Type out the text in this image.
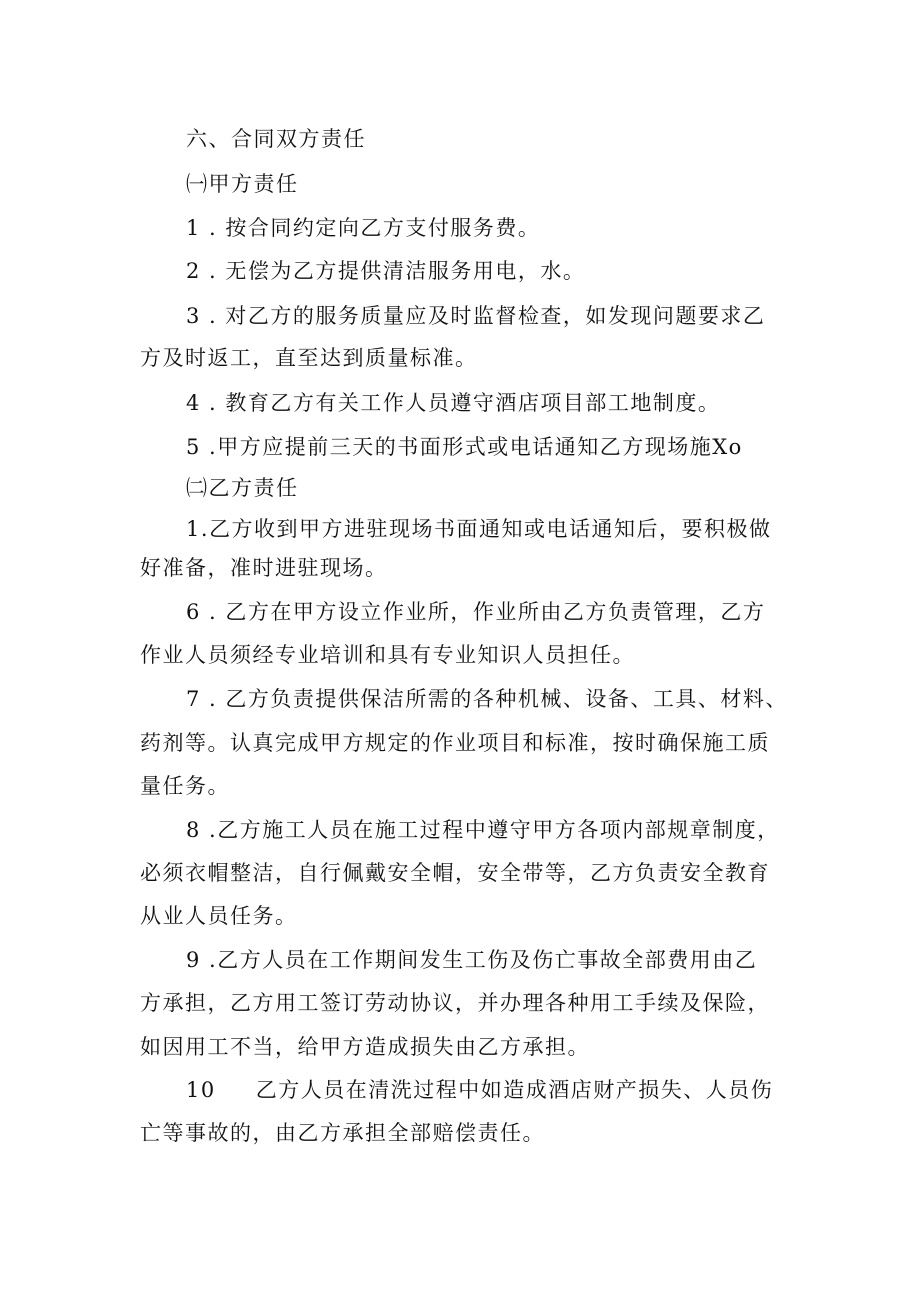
六、合同双方责任
㈠甲方责任
1 . 按合同约定向乙方支付服务费。
2 . 无偿为乙方提供清洁服务用电，水。
3 . 对乙方的服务质量应及时监督检查，如发现问题要求乙
方及时返工，直至达到质量标准。
4 . 教育乙方有关工作人员遵守酒店项目部工地制度。
5 .甲方应提前三天的书面形式或电话通知乙方现场施Xo
㈡乙方责任
1.乙方收到甲方进驻现场书面通知或电话通知后，要积极做
好准备，准时进驻现场。
6 . 乙方在甲方设立作业所，作业所由乙方负责管理，乙方
作业人员须经专业培训和具有专业知识人员担任。
7 . 乙方负责提供保洁所需的各种机械、设备、工具、材料、
药剂等。认真完成甲方规定的作业项目和标准，按时确保施工质
量任务。
8 .乙方施工人员在施工过程中遵守甲方各项内部规章制度，
必须衣帽整洁，自行佩戴安全帽，安全带等，乙方负责安全教育
从业人员任务。
9 .乙方人员在工作期间发生工伤及伤亡事故全部费用由乙
方承担，乙方用工签订劳动协议，并办理各种用工手续及保险，
如因用工不当，给甲方造成损失由乙方承担。
10 乙方人员在清洗过程中如造成酒店财产损失、人员伤
亡等事故的，由乙方承担全部赔偿责任。
